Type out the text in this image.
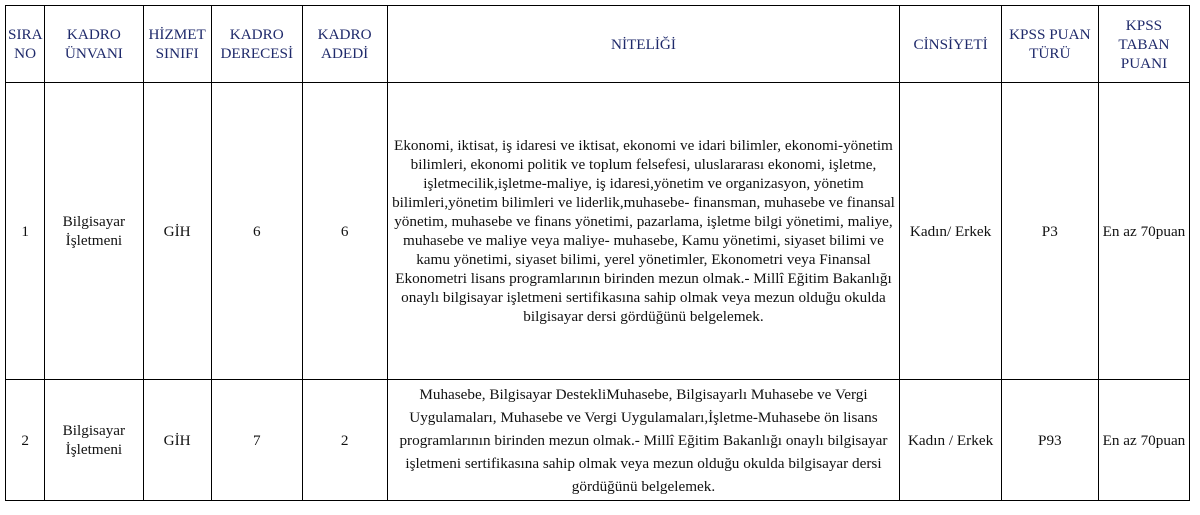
SIRA NO	KADRO ÜNVANI	HİZMET SINIFI	KADRO DERECESİ	KADRO ADEDİ	NİTELİĞİ	CİNSİYETİ	KPSS PUAN TÜRÜ	KPSS TABAN PUANI
1	Bilgisayar İşletmeni	GİH	6	6	Ekonomi, iktisat, iş idaresi ve iktisat, ekonomi ve idari bilimler, ekonomi-yönetim bilimleri, ekonomi politik ve toplum felsefesi, uluslararası ekonomi, işletme, işletmecilik,işletme-maliye, iş idaresi,yönetim ve organizasyon, yönetim bilimleri,yönetim bilimleri ve liderlik,muhasebe- finansman, muhasebe ve finansal yönetim, muhasebe ve finans yönetimi, pazarlama, işletme bilgi yönetimi, maliye, muhasebe ve maliye veya maliye- muhasebe, Kamu yönetimi, siyaset bilimi ve kamu yönetimi, siyaset bilimi, yerel yönetimler, Ekonometri veya Finansal Ekonometri lisans programlarının birinden mezun olmak.- Millî Eğitim Bakanlığı onaylı bilgisayar işletmeni sertifikasına sahip olmak veya mezun olduğu okulda bilgisayar dersi gördüğünü belgelemek.	Kadın/ Erkek	P3	En az 70puan
2	Bilgisayar İşletmeni	GİH	7	2	Muhasebe, Bilgisayar DestekliMuhasebe, Bilgisayarlı Muhasebe ve Vergi Uygulamaları, Muhasebe ve Vergi Uygulamaları,İşletme-Muhasebe ön lisans programlarının birinden mezun olmak.- Millî Eğitim Bakanlığı onaylı bilgisayar işletmeni sertifikasına sahip olmak veya mezun olduğu okulda bilgisayar dersi gördüğünü belgelemek.	Kadın / Erkek	P93	En az 70puan
